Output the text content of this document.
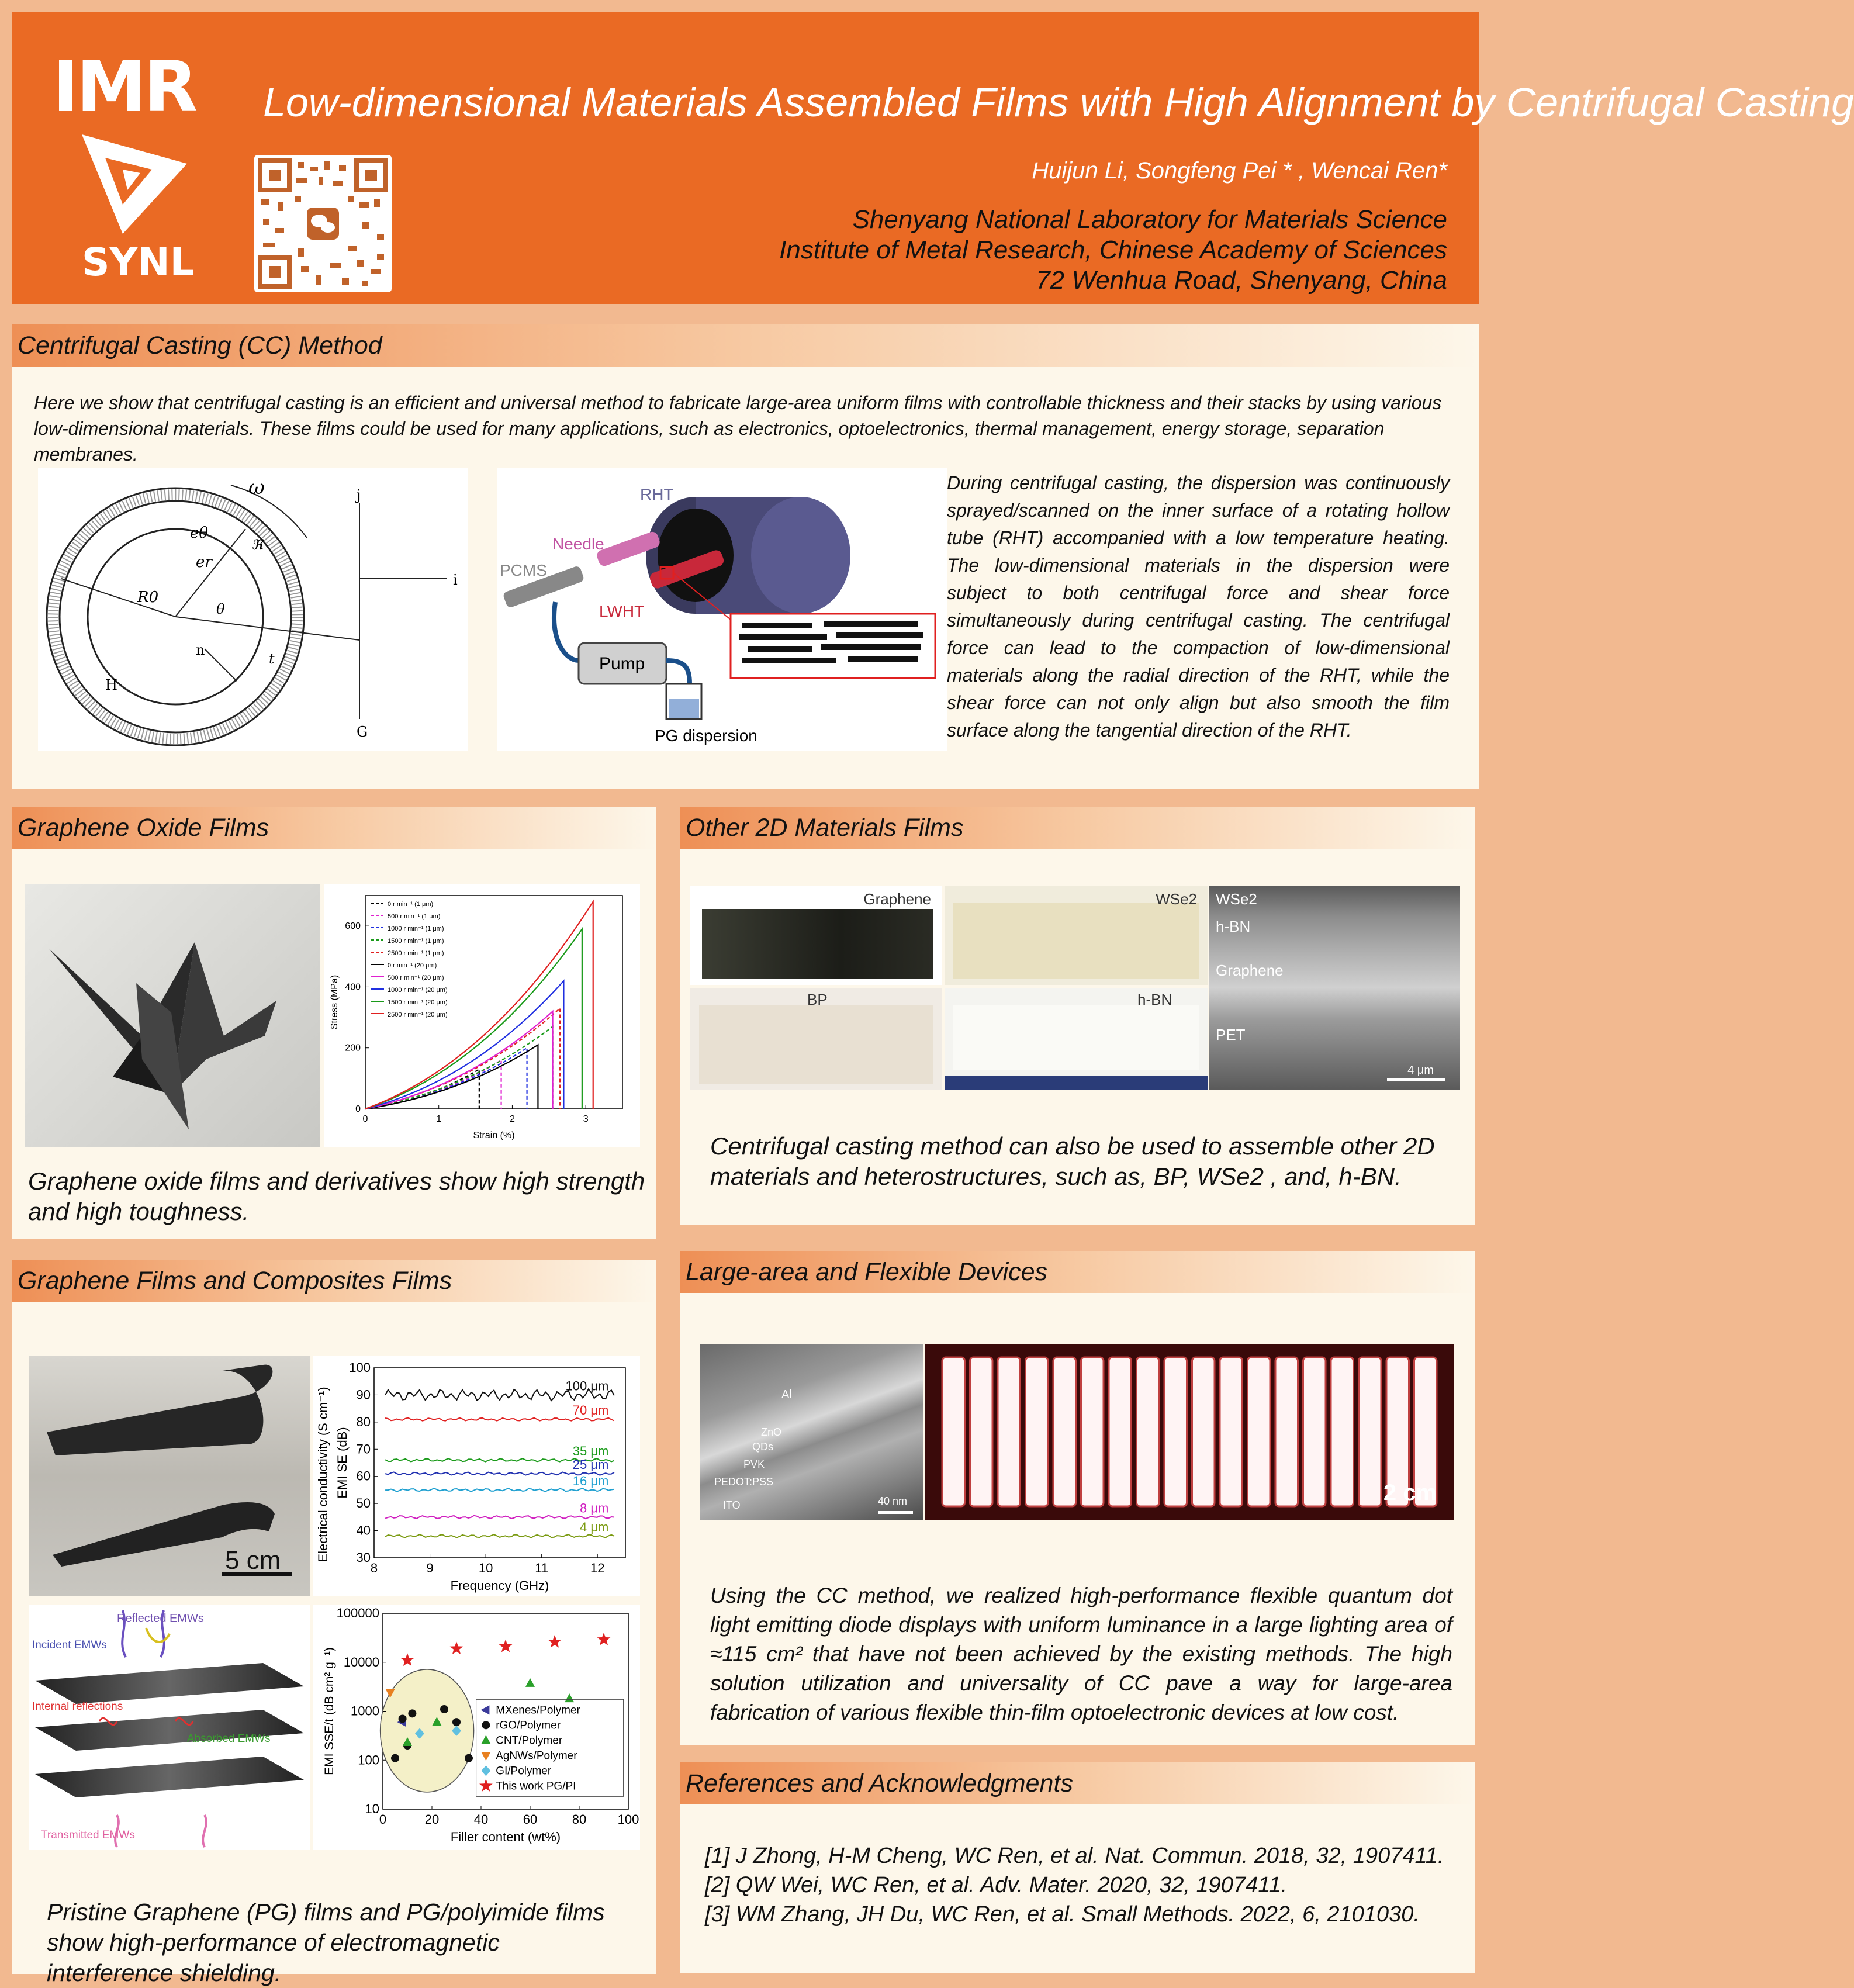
IMR
SYNL
Low-dimensional Materials Assembled Films with High Alignment by Centrifugal Casting
Huijun Li, Songfeng Pei * , Wencai Ren*
Shenyang National Laboratory for Materials Science
Institute of Metal Research, Chinese Academy of Sciences
72 Wenhua Road, Shenyang, China
Centrifugal Casting (CC) Method
Here we show that centrifugal casting is an efficient and universal method to fabricate large-area uniform films with controllable thickness and their stacks by using various low-dimensional materials. These films could be used for many applications, such as electronics, optoelectronics, thermal management, energy storage, separation membranes.
ω
eθ
er
ℜ
R0
θ
n
t
H
j
i
G
RHT
Needle
PCMS
LWHT
Pump
PG dispersion
During centrifugal casting, the dispersion was continuously sprayed/scanned on the inner surface of a rotating hollow tube (RHT) accompanied with a low temperature heating. The low-dimensional materials in the dispersion were subject to both centrifugal force and shear force simultaneously during centrifugal casting. The centrifugal force can lead to the compaction of low-dimensional materials along the radial direction of the RHT, while the shear force can not only align but also smooth the film surface along the tangential direction of the RHT.
Graphene Oxide Films
0	1	2	3
0
200
400
600
Strain (%)
Stress (MPa)
0 r min⁻¹ (1 μm)
500 r min⁻¹ (1 μm)
1000 r min⁻¹ (1 μm)
1500 r min⁻¹ (1 μm)
2500 r min⁻¹ (1 μm)
0 r min⁻¹ (20 μm)
500 r min⁻¹ (20 μm)
1000 r min⁻¹ (20 μm)
1500 r min⁻¹ (20 μm)
2500 r min⁻¹ (20 μm)
Graphene oxide films and derivatives show high strength and high toughness.
Other 2D Materials Films
Graphene	WSe2
BP	h-BN
WSe2
h-BN
Graphene
PET
4 μm
Centrifugal casting method can also be used to assemble other 2D materials and heterostructures, such as, BP, WSe2 , and, h-BN.
Graphene Films and Composites Films
5 cm	8	9	10	11	12
30
40
50
60
70
80
90
100
Frequency (GHz)
EMI SE (dB)
Electrical conductivity (S cm⁻¹)
100 μm
70 μm
35 μm
25 μm
16 μm
8 μm
4 μm
Reflected EMWs
Incident EMWs
Internal reflections
Absorbed EMWs
Transmitted EMWs
0	20	40	60	80 100
10
100
1000
10000
100000
Filler content (wt%)
EMI SSE/t (dB cm² g⁻¹)	MXenes/Polymer
rGO/Polymer
CNT/Polymer
AgNWs/Polymer
GI/Polymer
This work PG/PI
Pristine Graphene (PG) films and PG/polyimide films show high-performance of electromagnetic interference shielding.
Large-area and Flexible Devices
Al
ZnO
QDs
PVK
PEDOT:PSS
ITO	40 nm	2 cm
Using the CC method, we realized high-performance flexible quantum dot light emitting diode displays with uniform luminance in a large lighting area of ≈115 cm² that have not been achieved by the existing methods. The high solution utilization and universality of CC pave a way for large-area fabrication of various flexible thin-film optoelectronic devices at low cost.
References and Acknowledgments
[1] J Zhong, H-M Cheng, WC Ren, et al. Nat. Commun. 2018, 32, 1907411.
[2] QW Wei, WC Ren, et al. Adv. Mater. 2020, 32, 1907411.
[3] WM Zhang, JH Du, WC Ren, et al. Small Methods. 2022, 6, 2101030.
